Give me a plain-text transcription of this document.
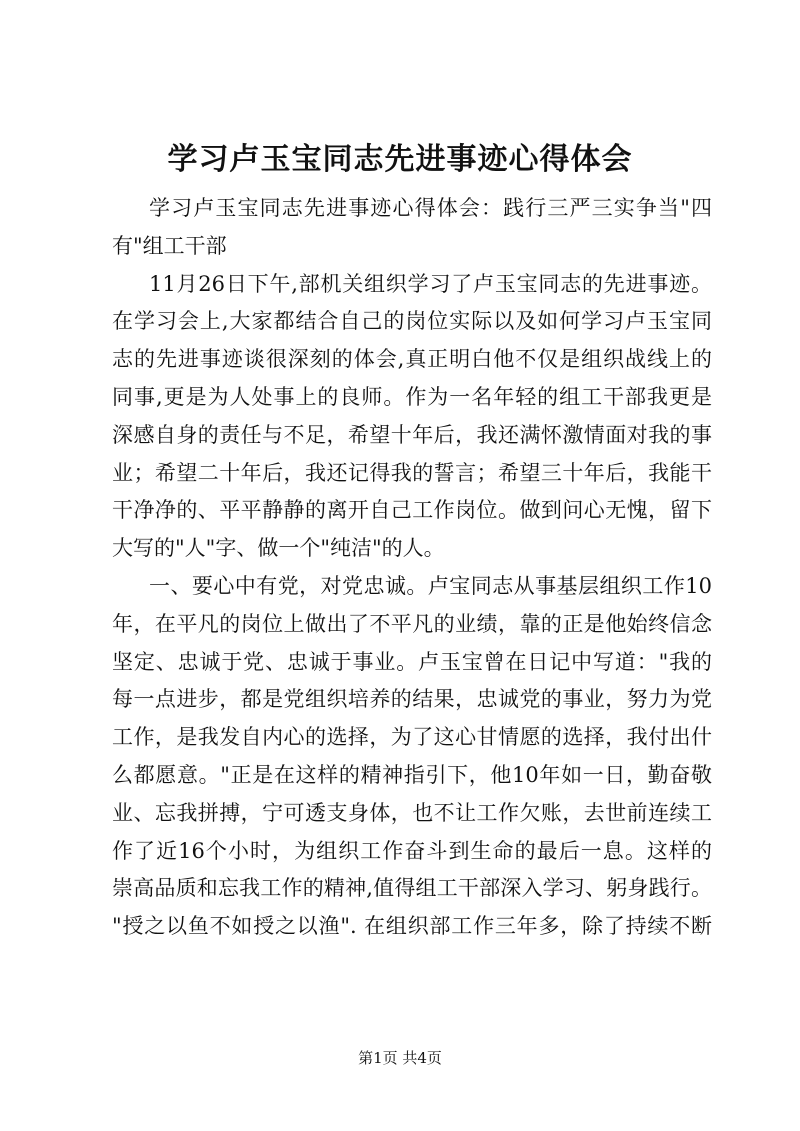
学习卢玉宝同志先进事迹心得体会

学习卢玉宝同志先进事迹心得体会：践行三严三实争当"四
有"组工干部

11月26日下午,部机关组织学习了卢玉宝同志的先进事迹。
在学习会上,大家都结合自己的岗位实际以及如何学习卢玉宝同
志的先进事迹谈很深刻的体会,真正明白他不仅是组织战线上的
同事,更是为人处事上的良师。作为一名年轻的组工干部我更是
深感自身的责任与不足，希望十年后，我还满怀激情面对我的事
业；希望二十年后，我还记得我的誓言；希望三十年后，我能干
干净净的、平平静静的离开自己工作岗位。做到问心无愧，留下
大写的"人"字、做一个"纯洁"的人。

一、要心中有党，对党忠诚。卢宝同志从事基层组织工作10
年，在平凡的岗位上做出了不平凡的业绩，靠的正是他始终信念
坚定、忠诚于党、忠诚于事业。卢玉宝曾在日记中写道："我的
每一点进步，都是党组织培养的结果，忠诚党的事业，努力为党
工作，是我发自内心的选择，为了这心甘情愿的选择，我付出什
么都愿意。"正是在这样的精神指引下，他10年如一日，勤奋敬
业、忘我拼搏，宁可透支身体，也不让工作欠账，去世前连续工
作了近16个小时，为组织工作奋斗到生命的最后一息。这样的
崇高品质和忘我工作的精神,值得组工干部深入学习、躬身践行。
"授之以鱼不如授之以渔". 在组织部工作三年多，除了持续不断

第1页 共4页
